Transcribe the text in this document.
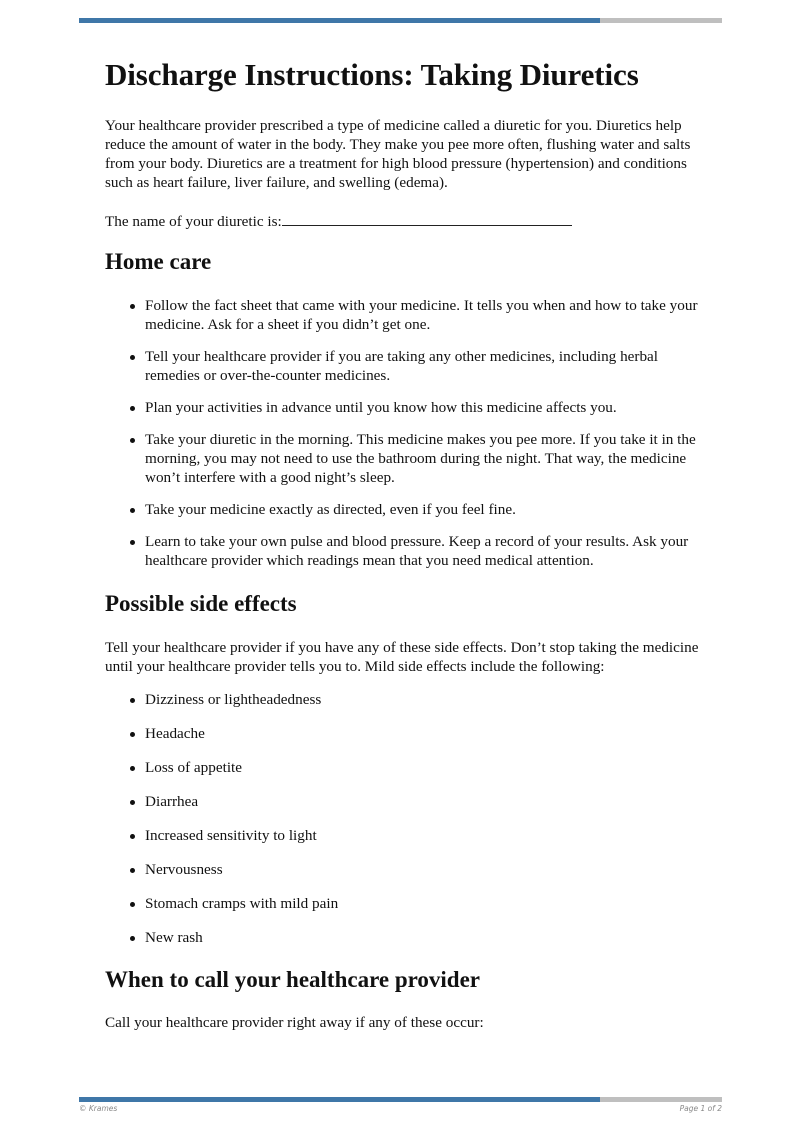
Discharge Instructions: Taking Diuretics

Your healthcare provider prescribed a type of medicine called a diuretic for you. Diuretics help reduce the amount of water in the body. They make you pee more often, flushing water and salts from your body. Diuretics are a treatment for high blood pressure (hypertension) and conditions such as heart failure, liver failure, and swelling (edema).

The name of your diuretic is:

Home care
Follow the fact sheet that came with your medicine. It tells you when and how to take your medicine. Ask for a sheet if you didn’t get one.
Tell your healthcare provider if you are taking any other medicines, including herbal remedies or over-the-counter medicines.
Plan your activities in advance until you know how this medicine affects you.
Take your diuretic in the morning. This medicine makes you pee more. If you take it in the morning, you may not need to use the bathroom during the night. That way, the medicine won’t interfere with a good night’s sleep.
Take your medicine exactly as directed, even if you feel fine.
Learn to take your own pulse and blood pressure. Keep a record of your results. Ask your healthcare provider which readings mean that you need medical attention.
Possible side effects

Tell your healthcare provider if you have any of these side effects. Don’t stop taking the medicine until your healthcare provider tells you to. Mild side effects include the following:

Dizziness or lightheadedness
Headache
Loss of appetite
Diarrhea
Increased sensitivity to light
Nervousness
Stomach cramps with mild pain
New rash
When to call your healthcare provider

Call your healthcare provider right away if any of these occur:

© Krames	Page 1 of 2
